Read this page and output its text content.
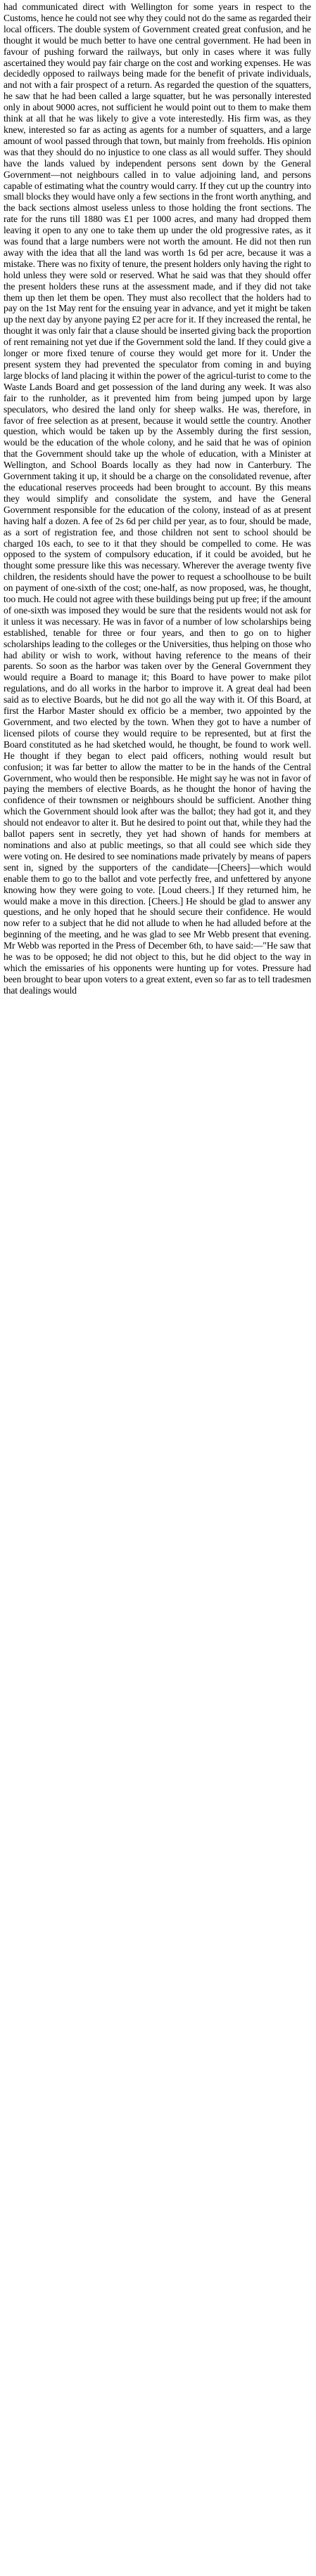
had communicated direct with Wellington for some years in respect to the Customs, hence he could not see why they could not do the same as regarded their local officers. The double system of Government created great confusion, and he thought it would be much better to have one central government. He had been in favour of pushing forward the railways, but only in cases where it was fully ascertained they would pay fair charge on the cost and working expenses. He was decidedly opposed to railways being made for the benefit of private individuals, and not with a fair prospect of a return. As regarded the question of the squatters, he saw that he had been called a large squatter, but he was personally interested only in about 9000 acres, not sufficient he would point out to them to make them think at all that he was likely to give a vote interestedly. His firm was, as they knew, interested so far as acting as agents for a number of squatters, and a large amount of wool passed through that town, but mainly from freeholds. His opinion was that they should do no injustice to one class as all would suffer. They should have the lands valued by independent persons sent down by the General Government—not neighbours called in to value adjoining land, and persons capable of estimating what the country would carry. If they cut up the country into small blocks they would have only a few sections in the front worth anything, and the back sections almost useless unless to those holding the front sections. The rate for the runs till 1880 was £1 per 1000 acres, and many had dropped them leaving it open to any one to take them up under the old progressive rates, as it was found that a large numbers were not worth the amount. He did not then run away with the idea that all the land was worth 1s 6d per acre, because it was a mistake. There was no fixity of tenure, the present holders only having the right to hold unless they were sold or reserved. What he said was that they should offer the present holders these runs at the assessment made, and if they did not take them up then let them be open. They must also recollect that the holders had to pay on the 1st May rent for the ensuing year in advance, and yet it might be taken up the next day by anyone paying £2 per acre for it. If they increased the rental, he thought it was only fair that a clause should be inserted giving back the proportion of rent remaining not yet due if the Government sold the land. If they could give a longer or more fixed tenure of course they would get more for it. Under the present system they had prevented the speculator from coming in and buying large blocks of land placing it within the power of the agricul-turist to come to the Waste Lands Board and get possession of the land during any week. It was also fair to the runholder, as it prevented him from being jumped upon by large speculators, who desired the land only for sheep walks. He was, therefore, in favor of free selection as at present, because it would settle the country. Another question, which would be taken up by the Assembly during the first session, would be the education of the whole colony, and he said that he was of opinion that the Government should take up the whole of education, with a Minister at Wellington, and School Boards locally as they had now in Canterbury. The Government taking it up, it should be a charge on the consolidated revenue, after the educational reserves proceeds had been brought to account. By this means they would simplify and consolidate the system, and have the General Government responsible for the education of the colony, instead of as at present having half a dozen. A fee of 2s 6d per child per year, as to four, should be made, as a sort of registration fee, and those children not sent to school should be charged 10s each, to see to it that they should be compelled to come. He was opposed to the system of compulsory education, if it could be avoided, but he thought some pressure like this was necessary. Wherever the average twenty five children, the residents should have the power to request a schoolhouse to be built on payment of one-sixth of the cost; one-half, as now proposed, was, he thought, too much. He could not agree with these buildings being put up free; if the amount of one-sixth was imposed they would be sure that the residents would not ask for it unless it was necessary. He was in favor of a number of low scholarships being established, tenable for three or four years, and then to go on to higher scholarships leading to the colleges or the Universities, thus helping on those who had ability or wish to work, without having reference to the means of their parents. So soon as the harbor was taken over by the General Government they would require a Board to manage it; this Board to have power to make pilot regulations, and do all works in the harbor to improve it. A great deal had been said as to elective Boards, but he did not go all the way with it. Of this Board, at first the Harbor Master should ex officio be a member, two appointed by the Government, and two elected by the town. When they got to have a number of licensed pilots of course they would require to be represented, but at first the Board constituted as he had sketched would, he thought, be found to work well. He thought if they began to elect paid officers, nothing would result but confusion; it was far better to allow the matter to be in the hands of the Central Government, who would then be responsible. He might say he was not in favor of paying the members of elective Boards, as he thought the honor of having the confidence of their townsmen or neighbours should be sufficient. Another thing which the Government should look after was the ballot; they had got it, and they should not endeavor to alter it. But he desired to point out that, while they had the ballot papers sent in secretly, they yet had shown of hands for members at nominations and also at public meetings, so that all could see which side they were voting on. He desired to see nominations made privately by means of papers sent in, signed by the supporters of the candidate—[Cheers]—which would enable them to go to the ballot and vote perfectly free, and unfettered by anyone knowing how they were going to vote. [Loud cheers.] If they returned him, he would make a move in this direction. [Cheers.] He should be glad to answer any questions, and he only hoped that he should secure their confidence. He would now refer to a subject that he did not allude to when he had alluded before at the beginning of the meeting, and he was glad to see Mr Webb present that evening. Mr Webb was reported in the Press of December 6th, to have said:—"He saw that he was to be opposed; he did not object to this, but he did object to the way in which the emissaries of his opponents were hunting up for votes. Pressure had been brought to bear upon voters to a great extent, even so far as to tell tradesmen that dealings would
